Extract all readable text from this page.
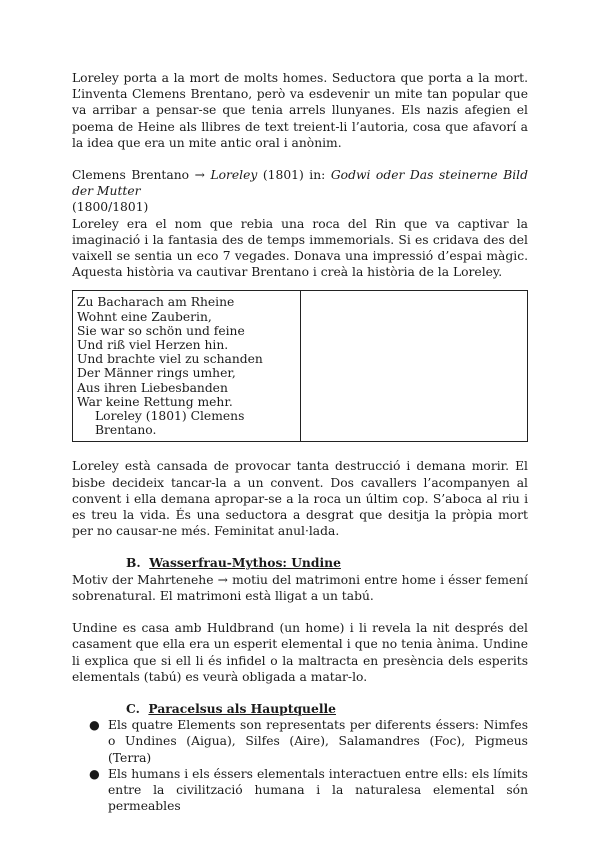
Loreley porta a la mort de molts homes. Seductora que porta a la mort. L’inventa Clemens Brentano, però va esdevenir un mite tan popular que va arribar a pensar-se que tenia arrels llunyanes. Els nazis afegien el poema de Heine als llibres de text treient-li l’autoria, cosa que afavorí a la idea que era un mite antic oral i anònim.

Clemens Brentano → Loreley (1801) in: Godwi oder Das steinerne Bild der Mutter
(1800/1801)

Loreley era el nom que rebia una roca del Rin que va captivar la imaginació i la fantasia des de temps immemorials. Si es cridava des del vaixell se sentia un eco 7 vegades. Donava una impressió d’espai màgic. Aquesta història va cautivar Brentano i creà la història de la Loreley.

Zu Bacharach am Rheine
Wohnt eine Zauberin,
Sie war so schön und feine
Und riß viel Herzen hin.
Und brachte viel zu schanden
Der Männer rings umher,
Aus ihren Liebesbanden
War keine Rettung mehr.
Loreley (1801) Clemens Brentano.

Loreley està cansada de provocar tanta destrucció i demana morir. El bisbe decideix tancar-la a un convent. Dos cavallers l’acompanyen al convent i ella demana apropar-se a la roca un últim cop. S’aboca al riu i es treu la vida. És una seductora a desgrat que desitja la pròpia mort per no causar-ne més. Feminitat anul·lada.

B. Wasserfrau-Mythos: Undine

Motiv der Mahrtenehe → motiu del matrimoni entre home i ésser femení sobrenatural. El matrimoni està lligat a un tabú.

Undine es casa amb Huldbrand (un home) i li revela la nit després del casament que ella era un esperit elemental i que no tenia ànima. Undine li explica que si ell li és infidel o la maltracta en presència dels esperits elementals (tabú) es veurà obligada a matar-lo.

C. Paracelsus als Hauptquelle

● Els quatre Elements son representats per diferents éssers: Nimfes o Undines (Aigua), Silfes (Aire), Salamandres (Foc), Pigmeus (Terra)
● Els humans i els éssers elementals interactuen entre ells: els límits entre la civilització humana i la naturalesa elemental són permeables
